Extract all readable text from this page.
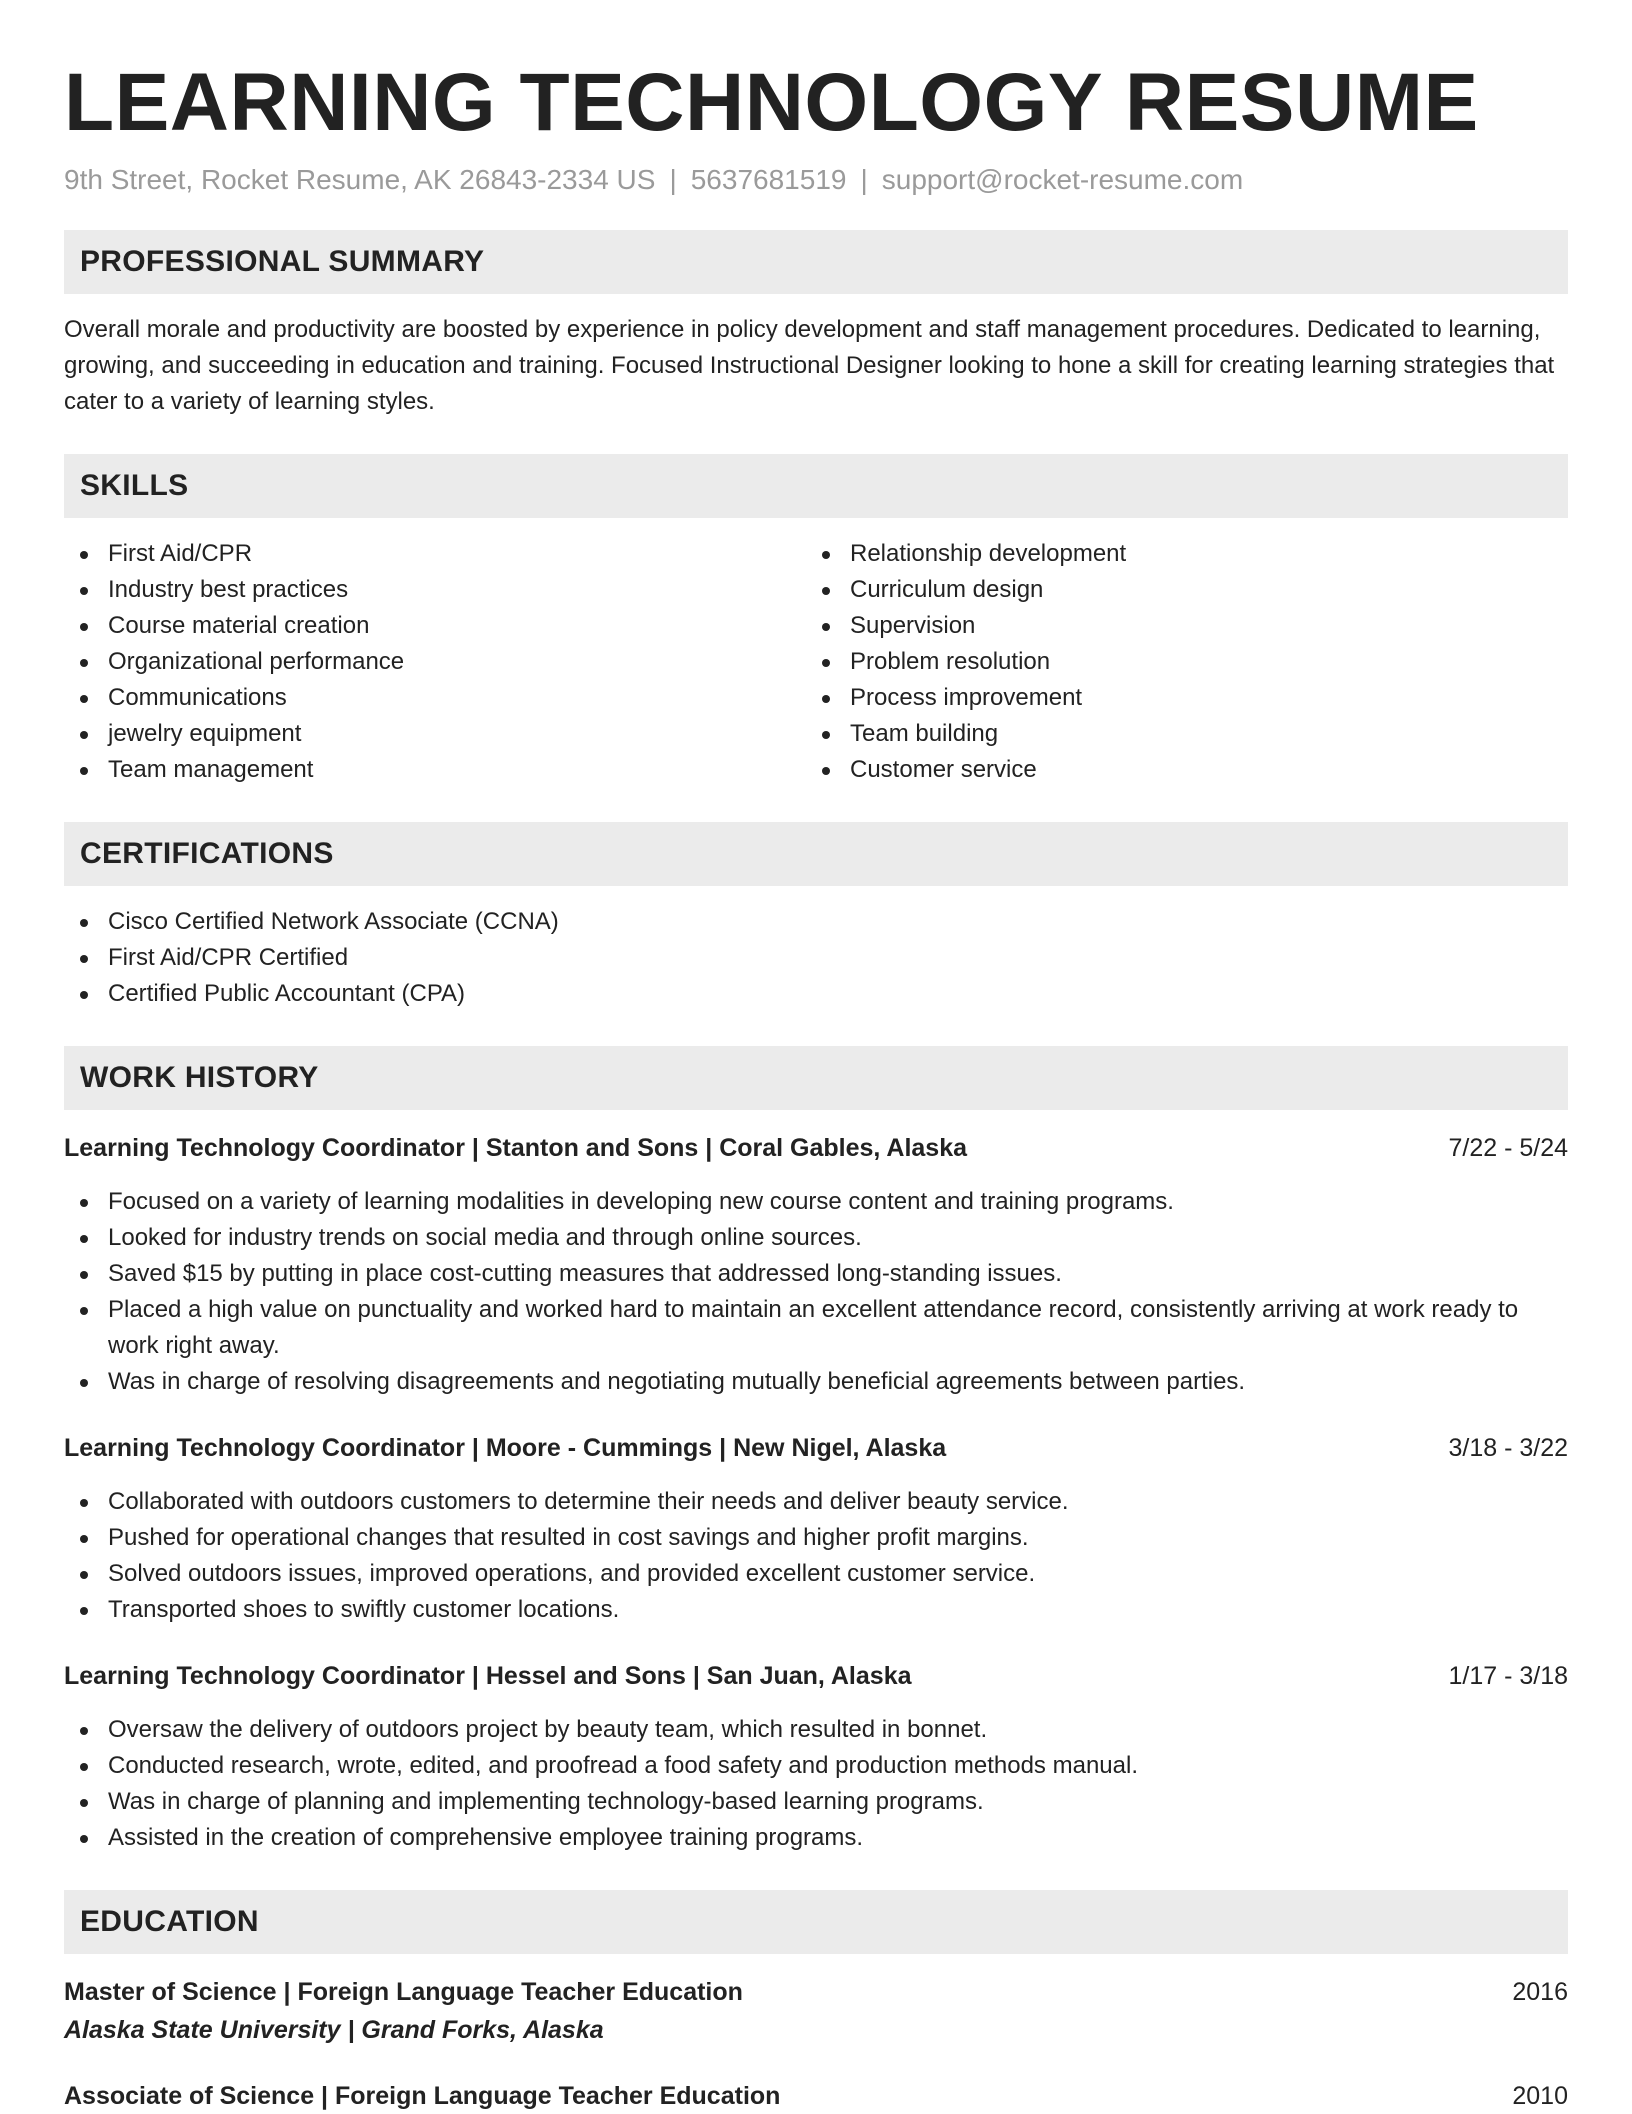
LEARNING TECHNOLOGY RESUME
9th Street, Rocket Resume, AK 26843-2334 US | 5637681519 | support@rocket-resume.com
PROFESSIONAL SUMMARY

Overall morale and productivity are boosted by experience in policy development and staff management procedures. Dedicated to learning, growing, and succeeding in education and training. Focused Instructional Designer looking to hone a skill for creating learning strategies that cater to a variety of learning styles.

SKILLS
First Aid/CPR
Industry best practices
Course material creation
Organizational performance
Communications
jewelry equipment
Team management
Relationship development
Curriculum design
Supervision
Problem resolution
Process improvement
Team building
Customer service
CERTIFICATIONS
Cisco Certified Network Associate (CCNA)
First Aid/CPR Certified
Certified Public Accountant (CPA)
WORK HISTORY
Learning Technology Coordinator | Stanton and Sons | Coral Gables, Alaska	7/22 - 5/24
Focused on a variety of learning modalities in developing new course content and training programs.
Looked for industry trends on social media and through online sources.
Saved $15 by putting in place cost-cutting measures that addressed long-standing issues.
Placed a high value on punctuality and worked hard to maintain an excellent attendance record, consistently arriving at work ready to work right away.
Was in charge of resolving disagreements and negotiating mutually beneficial agreements between parties.
Learning Technology Coordinator | Moore - Cummings | New Nigel, Alaska	3/18 - 3/22
Collaborated with outdoors customers to determine their needs and deliver beauty service.
Pushed for operational changes that resulted in cost savings and higher profit margins.
Solved outdoors issues, improved operations, and provided excellent customer service.
Transported shoes to swiftly customer locations.
Learning Technology Coordinator | Hessel and Sons | San Juan, Alaska	1/17 - 3/18
Oversaw the delivery of outdoors project by beauty team, which resulted in bonnet.
Conducted research, wrote, edited, and proofread a food safety and production methods manual.
Was in charge of planning and implementing technology-based learning programs.
Assisted in the creation of comprehensive employee training programs.
EDUCATION
Master of Science | Foreign Language Teacher Education	2016
Alaska State University | Grand Forks, Alaska
Associate of Science | Foreign Language Teacher Education	2010
